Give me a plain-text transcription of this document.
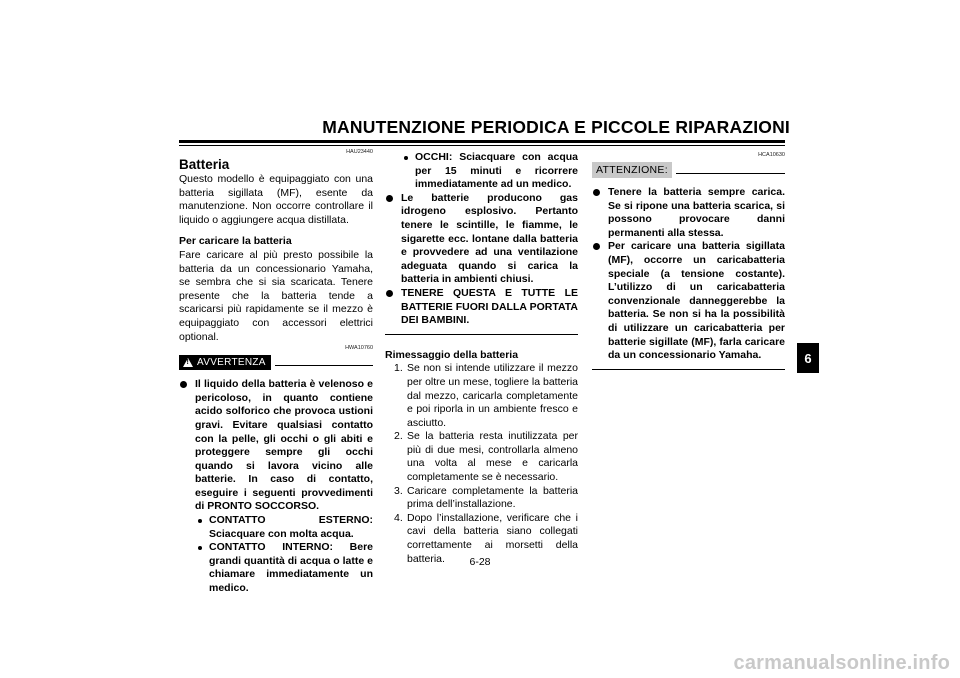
MANUTENZIONE PERIODICA E PICCOLE RIPARAZIONI
6
HAU23440
Batteria

Questo modello è equipaggiato con una batteria sigillata (MF), esente da manutenzione. Non occorre controllare il liquido o aggiungere acqua distillata.

Per caricare la batteria

Fare caricare al più presto possibile la batteria da un concessionario Yamaha, se sembra che si sia scaricata. Tenere presente che la batteria tende a scaricarsi più rapidamente se il mezzo è equipaggiato con accessori elettrici optional.

HWA10760
! AVVERTENZA
Il liquido della batteria è velenoso e pericoloso, in quanto contiene acido solforico che provoca ustioni gravi. Evitare qualsiasi contatto con la pelle, gli occhi o gli abiti e proteggere sempre gli occhi quando si lavora vicino alle batterie. In caso di contatto, eseguire i seguenti provvedimenti di PRONTO SOCCORSO.
CONTATTO ESTERNO: Sciacquare con molta acqua.
CONTATTO INTERNO: Bere grandi quantità di acqua o latte e chiamare immediatamente un medico.
OCCHI: Sciacquare con acqua per 15 minuti e ricorrere immediatamente ad un medico.
Le batterie producono gas idrogeno esplosivo. Pertanto tenere le scintille, le fiamme, le sigarette ecc. lontane dalla batteria e provvedere ad una ventilazione adeguata quando si carica la batteria in ambienti chiusi.
TENERE QUESTA E TUTTE LE BATTERIE FUORI DALLA PORTATA DEI BAMBINI.
Rimessaggio della batteria
1. Se non si intende utilizzare il mezzo per oltre un mese, togliere la batteria dal mezzo, caricarla completamente e poi riporla in un ambiente fresco e asciutto.
2. Se la batteria resta inutilizzata per più di due mesi, controllarla almeno una volta al mese e caricarla completamente se è necessario.
3. Caricare completamente la batteria prima dell’installazione.
4. Dopo l’installazione, verificare che i cavi della batteria siano collegati correttamente ai morsetti della batteria.
HCA10630
ATTENZIONE:
Tenere la batteria sempre carica. Se si ripone una batteria scarica, si possono provocare danni permanenti alla stessa.
Per caricare una batteria sigillata (MF), occorre un caricabatteria speciale (a tensione costante). L’utilizzo di un caricabatteria convenzionale danneggerebbe la batteria. Se non si ha la possibilità di utilizzare un caricabatteria per batterie sigillate (MF), farla caricare da un concessionario Yamaha.
6-28
carmanualsonline.info
